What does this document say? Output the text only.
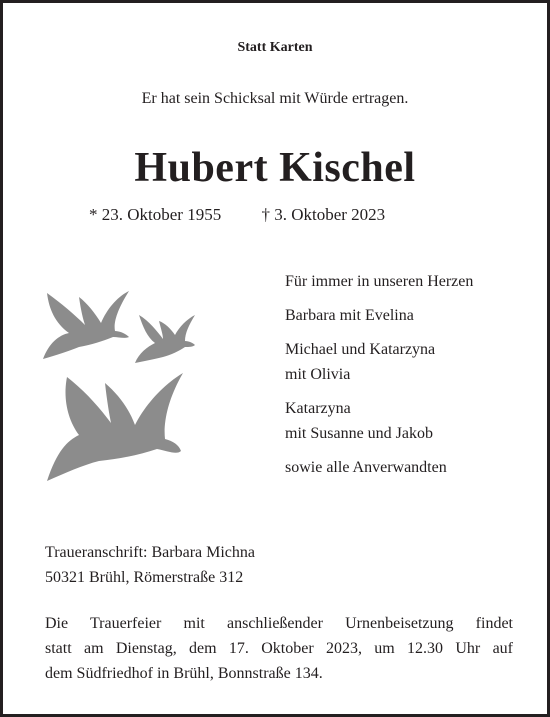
Statt Karten
Er hat sein Schicksal mit Würde ertragen.
Hubert Kischel
* 23. Oktober 1955 † 3. Oktober 2023
Für immer in unseren Herzen
Barbara mit Evelina
Michael und Katarzyna
mit Olivia
Katarzyna
mit Susanne und Jakob
sowie alle Anverwandten
Traueranschrift: Barbara Michna
50321 Brühl, Römerstraße 312
Die Trauerfeier mit anschließender Urnenbeisetzung findet
statt am Dienstag, dem 17. Oktober 2023, um 12.30 Uhr auf
dem Südfriedhof in Brühl, Bonnstraße 134.
